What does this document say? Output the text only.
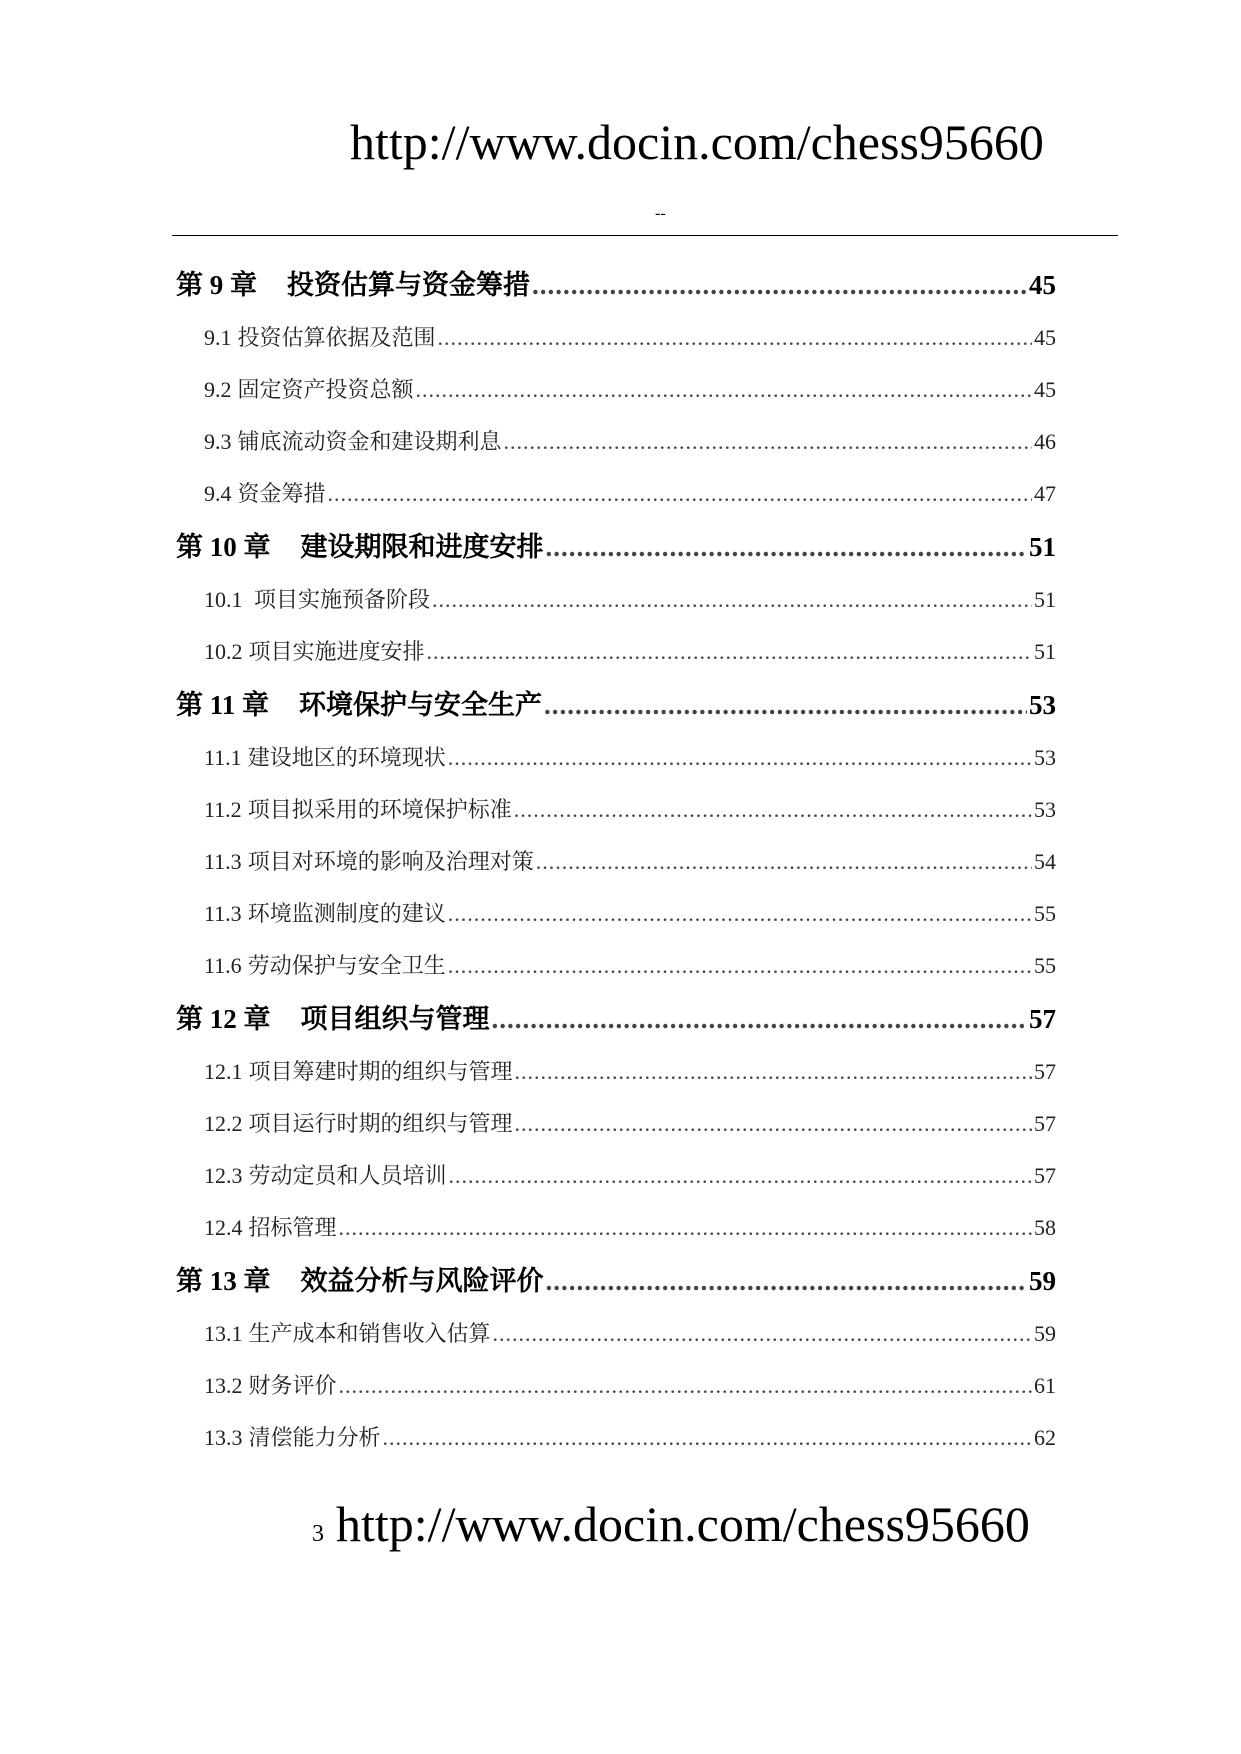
http://www.docin.com/chess95660
--
第 9 章 投资估算与资金筹措 .....	45
9.1 投资估算依据及范围 .....	45
9.2 固定资产投资总额 .....	45
9.3 铺底流动资金和建设期利息 .....	46
9.4 资金筹措 .....	47
第 10 章 建设期限和进度安排 .....	51
10.1 项目实施预备阶段 .....	51
10.2 项目实施进度安排 .....	51
第 11 章 环境保护与安全生产 .....	53
11.1 建设地区的环境现状 .....	53
11.2 项目拟采用的环境保护标准 .....	53
11.3 项目对环境的影响及治理对策 .....	54
11.3 环境监测制度的建议 .....	55
11.6 劳动保护与安全卫生 .....	55
第 12 章 项目组织与管理 .....	57
12.1 项目筹建时期的组织与管理 .....	57
12.2 项目运行时期的组织与管理 .....	57
12.3 劳动定员和人员培训 .....	57
12.4 招标管理 .....	58
第 13 章 效益分析与风险评价 .....	59
13.1 生产成本和销售收入估算 .....	59
13.2 财务评价 .....	61
13.3 清偿能力分析 .....	62
3 http://www.docin.com/chess95660
